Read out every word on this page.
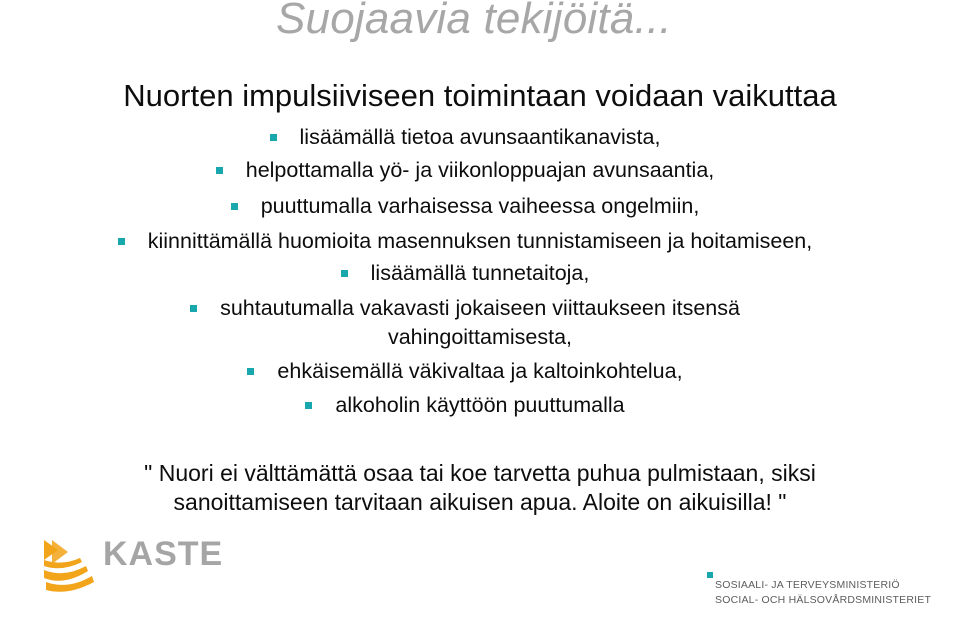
Suojaavia tekijöitä...
Nuorten impulsiiviseen toimintaan voidaan vaikuttaa
lisäämällä tietoa avunsaantikanavista,
helpottamalla yö- ja viikonloppuajan avunsaantia,
puuttumalla varhaisessa vaiheessa ongelmiin,
kiinnittämällä huomioita masennuksen tunnistamiseen ja hoitamiseen,
lisäämällä tunnetaitoja,
suhtautumalla vakavasti jokaiseen viittaukseen itsensä
vahingoittamisesta,
ehkäisemällä väkivaltaa ja kaltoinkohtelua,
alkoholin käyttöön puuttumalla
" Nuori ei välttämättä osaa tai koe tarvetta puhua pulmistaan, siksi
sanoittamiseen tarvitaan aikuisen apua. Aloite on aikuisilla! "
KASTE
SOSIAALI- JA TERVEYSMINISTERIÖ
SOCIAL- OCH HÄLSOVÅRDSMINISTERIET
